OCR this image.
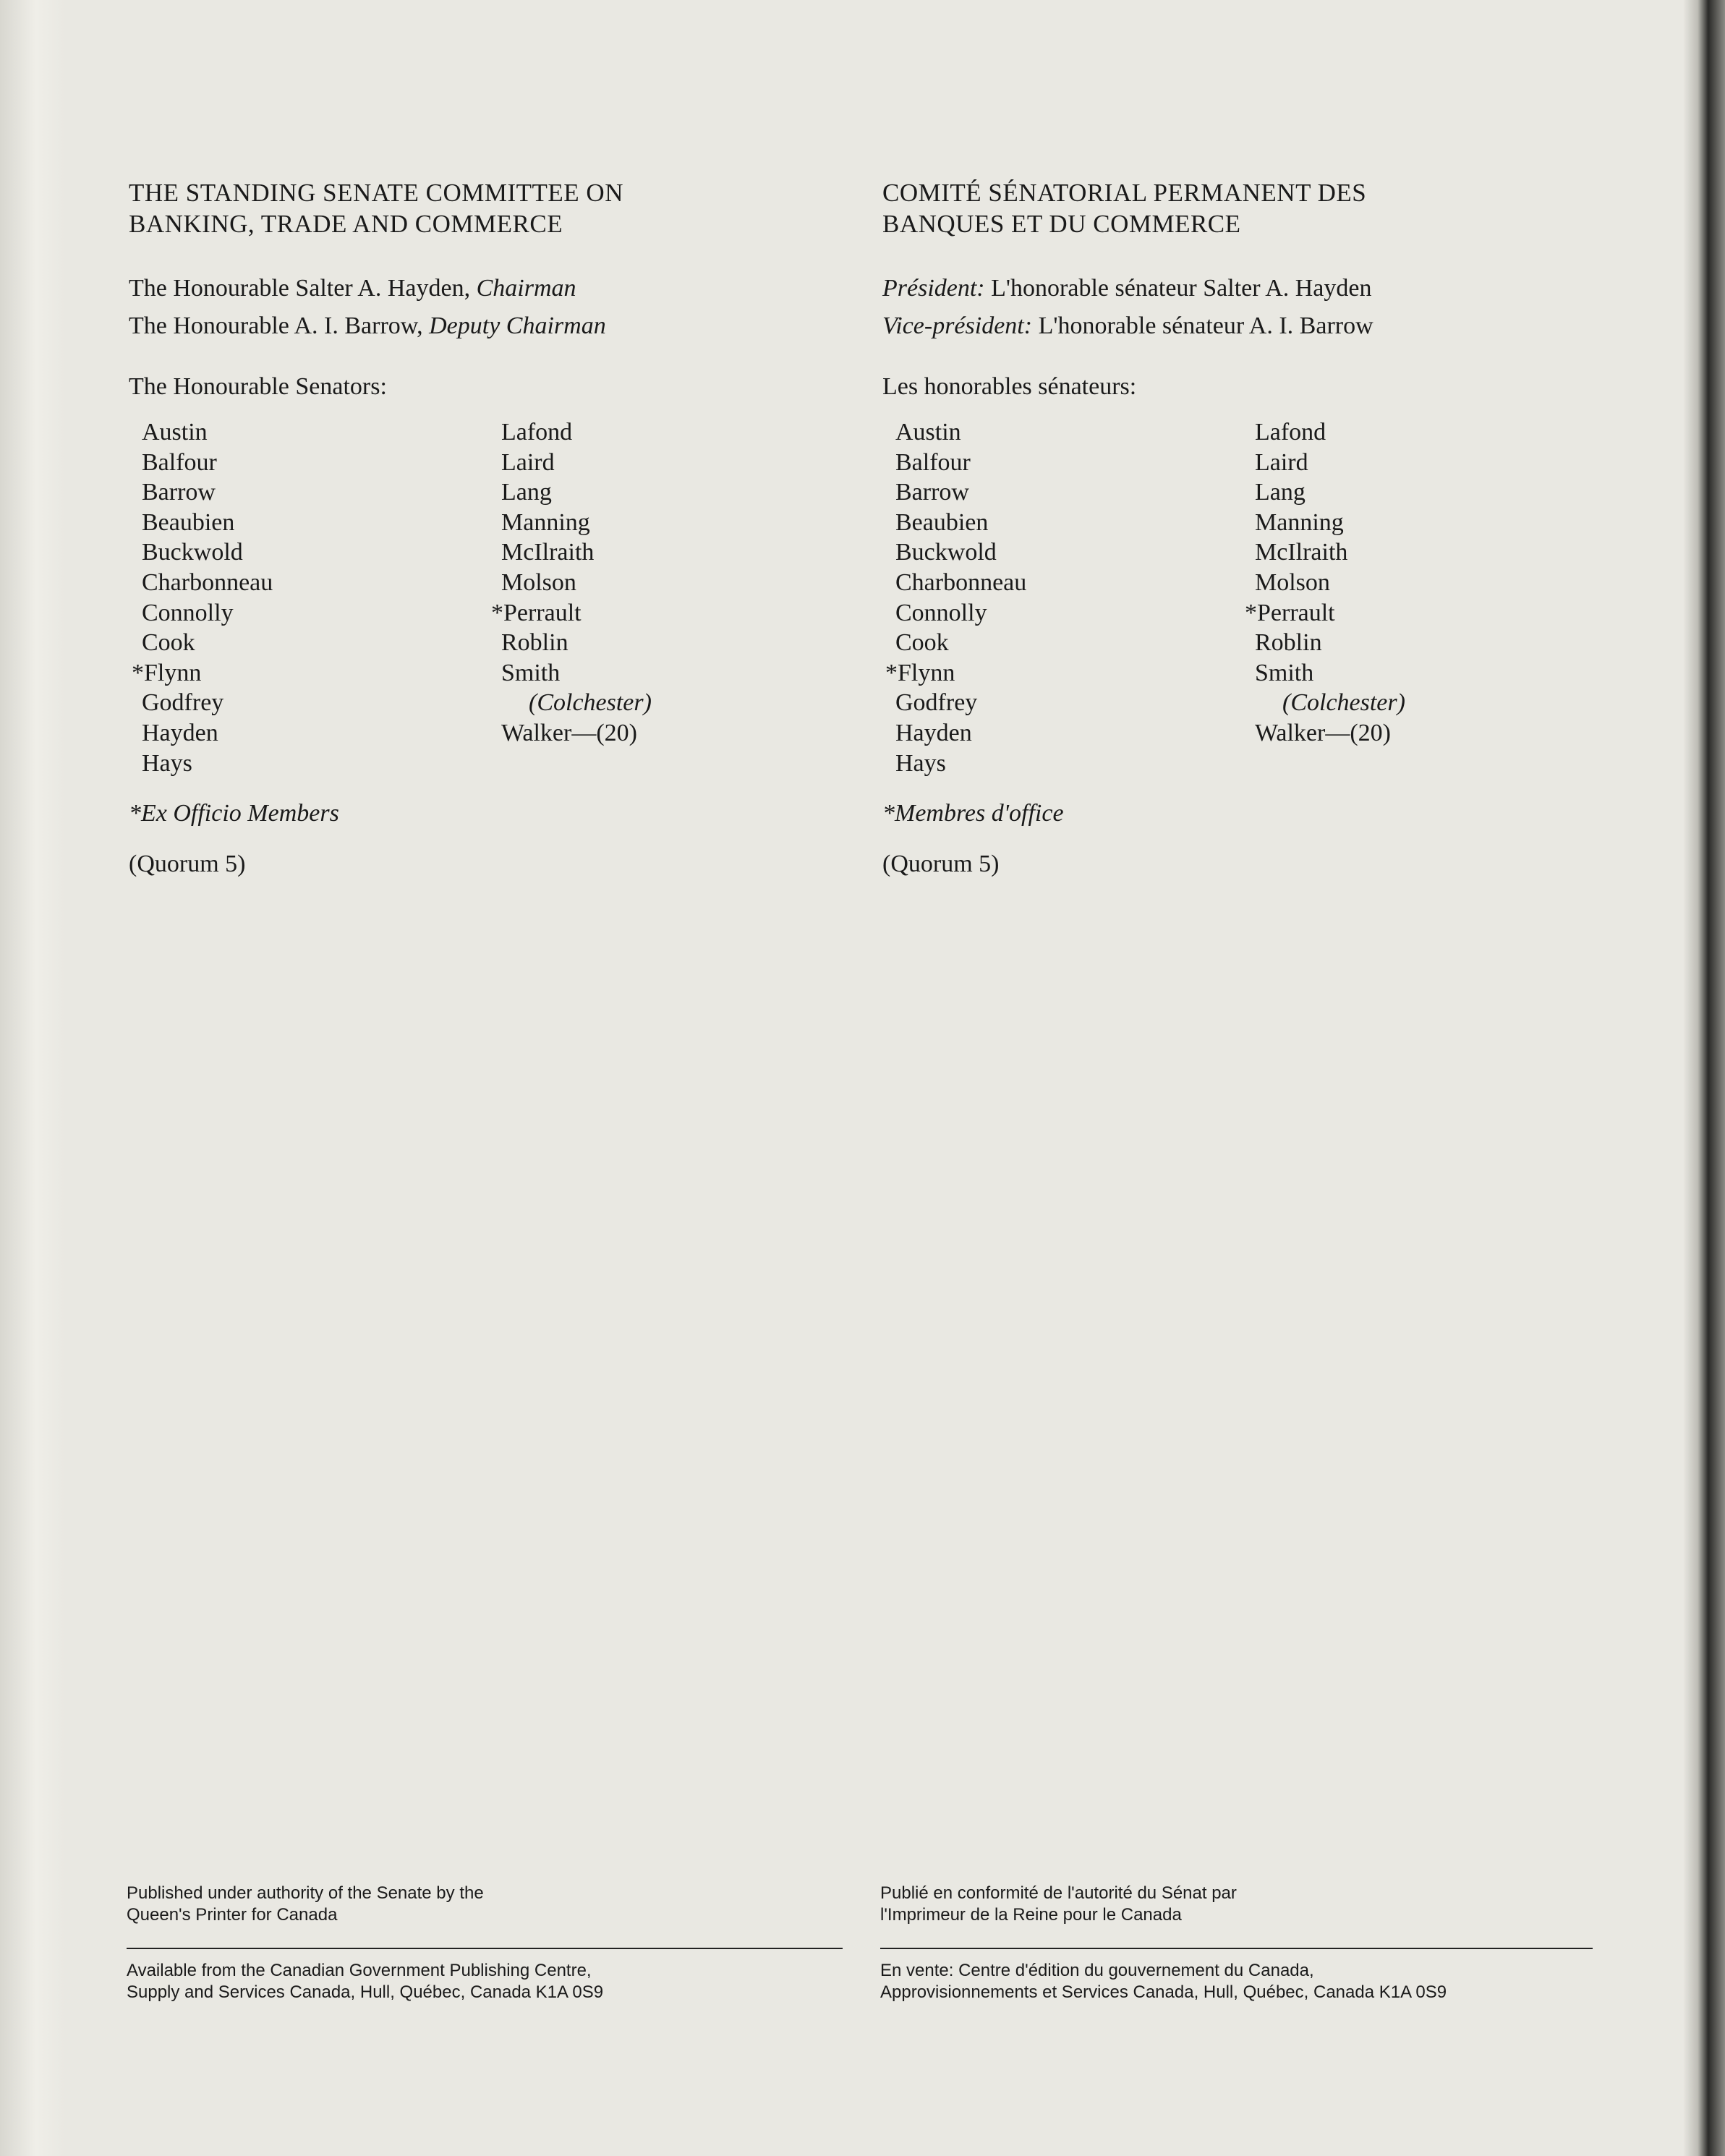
THE STANDING SENATE COMMITTEE ON
BANKING, TRADE AND COMMERCE
The Honourable Salter A. Hayden, Chairman
The Honourable A. I. Barrow, Deputy Chairman
The Honourable Senators:
Austin
Balfour
Barrow
Beaubien
Buckwold
Charbonneau
Connolly
Cook
*Flynn
Godfrey
Hayden
Hays
Lafond
Laird
Lang
Manning
McIlraith
Molson
*Perrault
Roblin
Smith
(Colchester)
Walker—(20)
*Ex Officio Members
(Quorum 5)
COMITÉ SÉNATORIAL PERMANENT DES
BANQUES ET DU COMMERCE
Président: L'honorable sénateur Salter A. Hayden
Vice-président: L'honorable sénateur A. I. Barrow
Les honorables sénateurs:
Austin
Balfour
Barrow
Beaubien
Buckwold
Charbonneau
Connolly
Cook
*Flynn
Godfrey
Hayden
Hays
Lafond
Laird
Lang
Manning
McIlraith
Molson
*Perrault
Roblin
Smith
(Colchester)
Walker—(20)
*Membres d'office
(Quorum 5)
Published under authority of the Senate by the
Queen's Printer for Canada
Publié en conformité de l'autorité du Sénat par
l'Imprimeur de la Reine pour le Canada
Available from the Canadian Government Publishing Centre,
Supply and Services Canada, Hull, Québec, Canada K1A 0S9
En vente: Centre d'édition du gouvernement du Canada,
Approvisionnements et Services Canada, Hull, Québec, Canada K1A 0S9
